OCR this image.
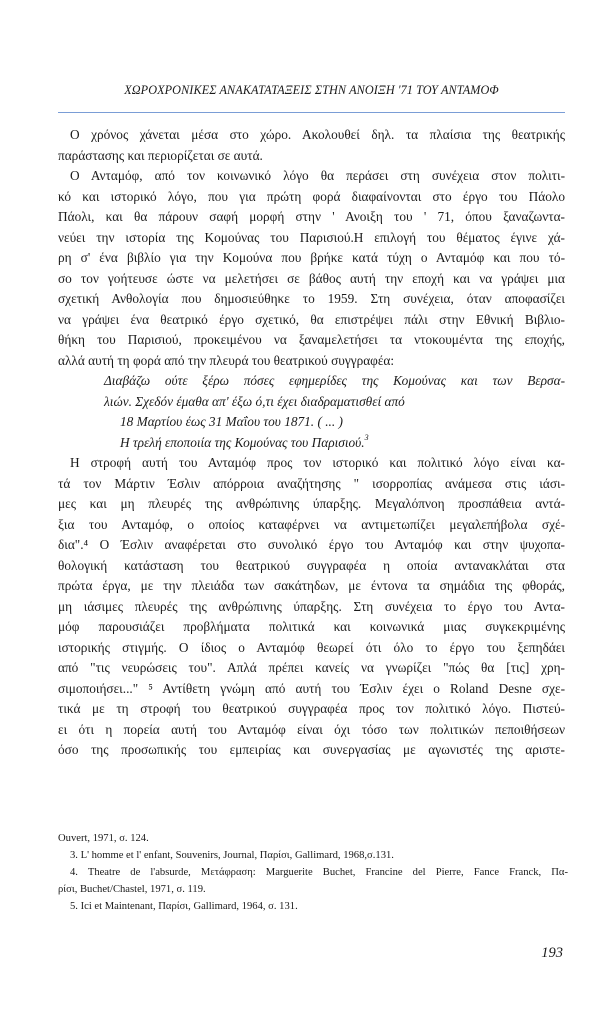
ΧΩΡΟΧΡΟΝΙΚΕΣ ΑΝΑΚΑΤΑΤΑΞΕΙΣ ΣΤΗΝ ΑΝΟΙΞΗ '71 ΤΟΥ ΑΝΤΑΜΟΦ
Ο χρόνος χάνεται μέσα στο χώρο. Ακολουθεί δηλ. τα πλαίσια της θεατρικής
παράστασης και περιορίζεται σε αυτά.
Ο Ανταμόφ, από τον κοινωνικό λόγο θα περάσει στη συνέχεια στον πολιτι-
κό και ιστορικό λόγο, που για πρώτη φορά διαφαίνονται στο έργο του Πάολο
Πάολι, και θα πάρουν σαφή μορφή στην ' Ανοιξη του ' 71, όπου ξαναζωντα-
νεύει την ιστορία της Κομούνας του Παρισιού.Η επιλογή του θέματος έγινε χά-
ρη σ' ένα βιβλίο για την Κομούνα που βρήκε κατά τύχη ο Ανταμόφ και που τό-
σο τον γοήτευσε ώστε να μελετήσει σε βάθος αυτή την εποχή και να γράψει μια
σχετική Ανθολογία που δημοσιεύθηκε το 1959. Στη συνέχεια, όταν αποφασίζει
να γράψει ένα θεατρικό έργο σχετικό, θα επιστρέψει πάλι στην Εθνική Βιβλιο-
θήκη του Παρισιού, προκειμένου να ξαναμελετήσει τα ντοκουμέντα της εποχής,
αλλά αυτή τη φορά από την πλευρά του θεατρικού συγγραφέα:
Διαβάζω ούτε ξέρω πόσες εφημερίδες της Κομούνας και των Βερσα-
λιών. Σχεδόν έμαθα απ' έξω ό,τι έχει διαδραματισθεί από
18 Μαρτίου έως 31 Μαΐου του 1871. ( ... )
Η τρελή εποποιία της Κομούνας του Παρισιού.$^3$
Η στροφή αυτή του Ανταμόφ προς τον ιστορικό και πολιτικό λόγο είναι κα-
τά τον Μάρτιν Έσλιν απόρροια αναζήτησης " ισορροπίας ανάμεσα στις ιάσι-
μες και μη πλευρές της ανθρώπινης ύπαρξης. Μεγαλόπνοη προσπάθεια αντά-
ξια του Ανταμόφ, ο οποίος καταφέρνει να αντιμετωπίζει μεγαλεπήβολα σχέ-
δια".⁴ Ο Έσλιν αναφέρεται στο συνολικό έργο του Ανταμόφ και στην ψυχοπα-
θολογική κατάσταση του θεατρικού συγγραφέα η οποία αντανακλάται στα
πρώτα έργα, με την πλειάδα των σακάτηδων, με έντονα τα σημάδια της φθοράς,
μη ιάσιμες πλευρές της ανθρώπινης ύπαρξης. Στη συνέχεια το έργο του Αντα-
μόφ παρουσιάζει προβλήματα πολιτικά και κοινωνικά μιας συγκεκριμένης
ιστορικής στιγμής. Ο ίδιος ο Ανταμόφ θεωρεί ότι όλο το έργο του ξεπηδάει
από "τις νευρώσεις του". Απλά πρέπει κανείς να γνωρίζει "πώς θα [τις] χρη-
σιμοποιήσει..." ⁵ Αντίθετη γνώμη από αυτή του Έσλιν έχει ο Roland Desne σχε-
τικά με τη στροφή του θεατρικού συγγραφέα προς τον πολιτικό λόγο. Πιστεύ-
ει ότι η πορεία αυτή του Ανταμόφ είναι όχι τόσο των πολιτικών πεποιθήσεων
όσο της προσωπικής του εμπειρίας και συνεργασίας με αγωνιστές της αριστε-
Ouvert, 1971, σ. 124.
3. L' homme et l' enfant, Souvenirs, Journal, Παρίσι, Gallimard, 1968,σ.131.
4. Theatre de l'absurde, Μετάφραση: Marguerite Buchet, Francine del Pierre, Fance Franck, Πα-
ρίσι, Buchet/Chastel, 1971, σ. 119.
5. Ici et Maintenant, Παρίσι, Gallimard, 1964, σ. 131.
193
